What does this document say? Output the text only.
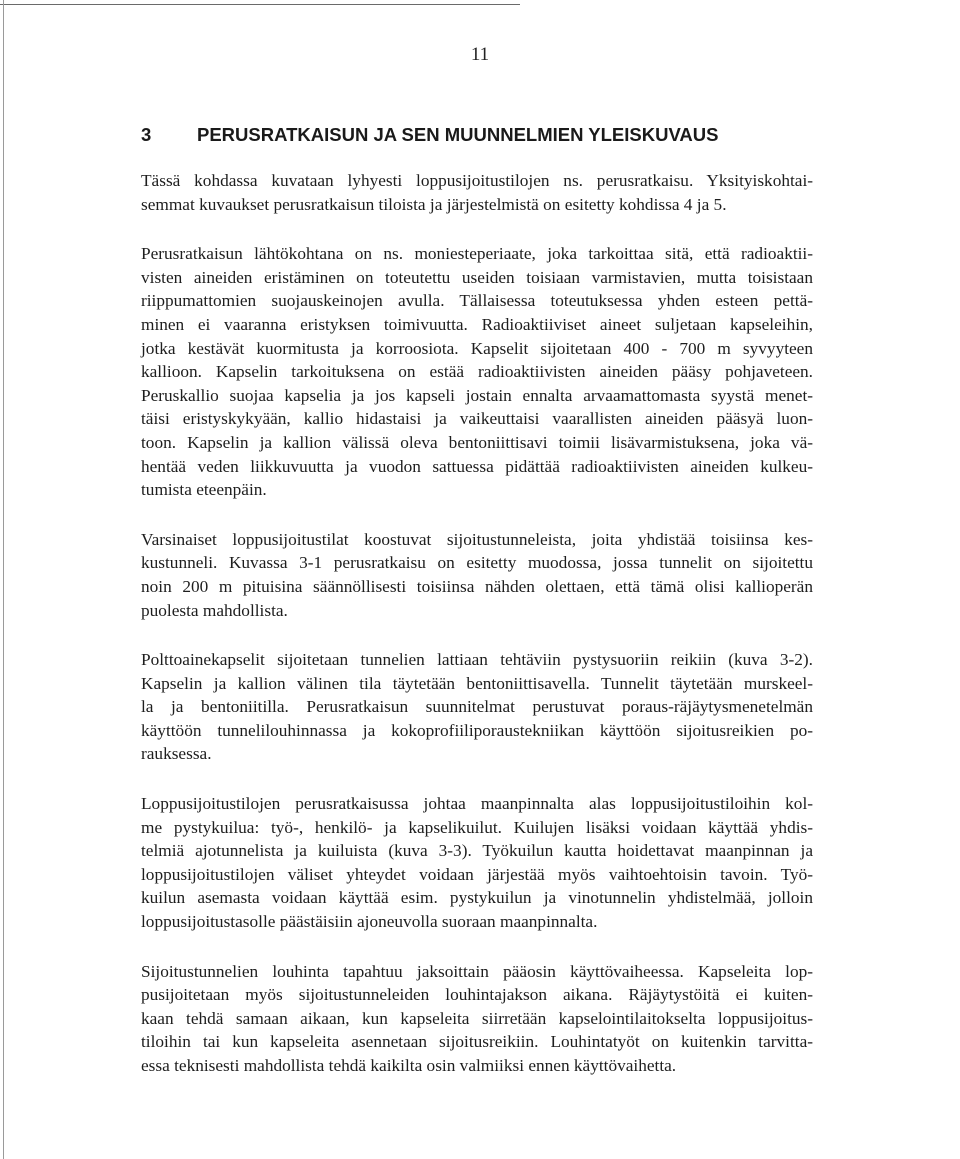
11
3 PERUSRATKAISUN JA SEN MUUNNELMIEN YLEISKUVAUS

Tässä kohdassa kuvataan lyhyesti loppusijoitustilojen ns. perusratkaisu. Yksityiskohtai-
semmat kuvaukset perusratkaisun tiloista ja järjestelmistä on esitetty kohdissa 4 ja 5.

Perusratkaisun lähtökohtana on ns. moniesteperiaate, joka tarkoittaa sitä, että radioaktii-
visten aineiden eristäminen on toteutettu useiden toisiaan varmistavien, mutta toisistaan
riippumattomien suojauskeinojen avulla. Tällaisessa toteutuksessa yhden esteen pettä-
minen ei vaaranna eristyksen toimivuutta. Radioaktiiviset aineet suljetaan kapseleihin,
jotka kestävät kuormitusta ja korroosiota. Kapselit sijoitetaan 400 - 700 m syvyyteen
kallioon. Kapselin tarkoituksena on estää radioaktiivisten aineiden pääsy pohjaveteen.
Peruskallio suojaa kapselia ja jos kapseli jostain ennalta arvaamattomasta syystä menet-
täisi eristyskykyään, kallio hidastaisi ja vaikeuttaisi vaarallisten aineiden pääsyä luon-
toon. Kapselin ja kallion välissä oleva bentoniittisavi toimii lisävarmistuksena, joka vä-
hentää veden liikkuvuutta ja vuodon sattuessa pidättää radioaktiivisten aineiden kulkeu-
tumista eteenpäin.

Varsinaiset loppusijoitustilat koostuvat sijoitustunneleista, joita yhdistää toisiinsa kes-
kustunneli. Kuvassa 3-1 perusratkaisu on esitetty muodossa, jossa tunnelit on sijoitettu
noin 200 m pituisina säännöllisesti toisiinsa nähden olettaen, että tämä olisi kallioperän
puolesta mahdollista.

Polttoainekapselit sijoitetaan tunnelien lattiaan tehtäviin pystysuoriin reikiin (kuva 3-2).
Kapselin ja kallion välinen tila täytetään bentoniittisavella. Tunnelit täytetään murskeel-
la ja bentoniitilla. Perusratkaisun suunnitelmat perustuvat poraus-räjäytysmenetelmän
käyttöön tunnelilouhinnassa ja kokoprofiiliporaustekniikan käyttöön sijoitusreikien po-
rauksessa.

Loppusijoitustilojen perusratkaisussa johtaa maanpinnalta alas loppusijoitustiloihin kol-
me pystykuilua: työ-, henkilö- ja kapselikuilut. Kuilujen lisäksi voidaan käyttää yhdis-
telmiä ajotunnelista ja kuiluista (kuva 3-3). Työkuilun kautta hoidettavat maanpinnan ja
loppusijoitustilojen väliset yhteydet voidaan järjestää myös vaihtoehtoisin tavoin. Työ-
kuilun asemasta voidaan käyttää esim. pystykuilun ja vinotunnelin yhdistelmää, jolloin
loppusijoitustasolle päästäisiin ajoneuvolla suoraan maanpinnalta.

Sijoitustunnelien louhinta tapahtuu jaksoittain pääosin käyttövaiheessa. Kapseleita lop-
pusijoitetaan myös sijoitustunneleiden louhintajakson aikana. Räjäytystöitä ei kuiten-
kaan tehdä samaan aikaan, kun kapseleita siirretään kapselointilaitokselta loppusijoitus-
tiloihin tai kun kapseleita asennetaan sijoitusreikiin. Louhintatyöt on kuitenkin tarvitta-
essa teknisesti mahdollista tehdä kaikilta osin valmiiksi ennen käyttövaihetta.
